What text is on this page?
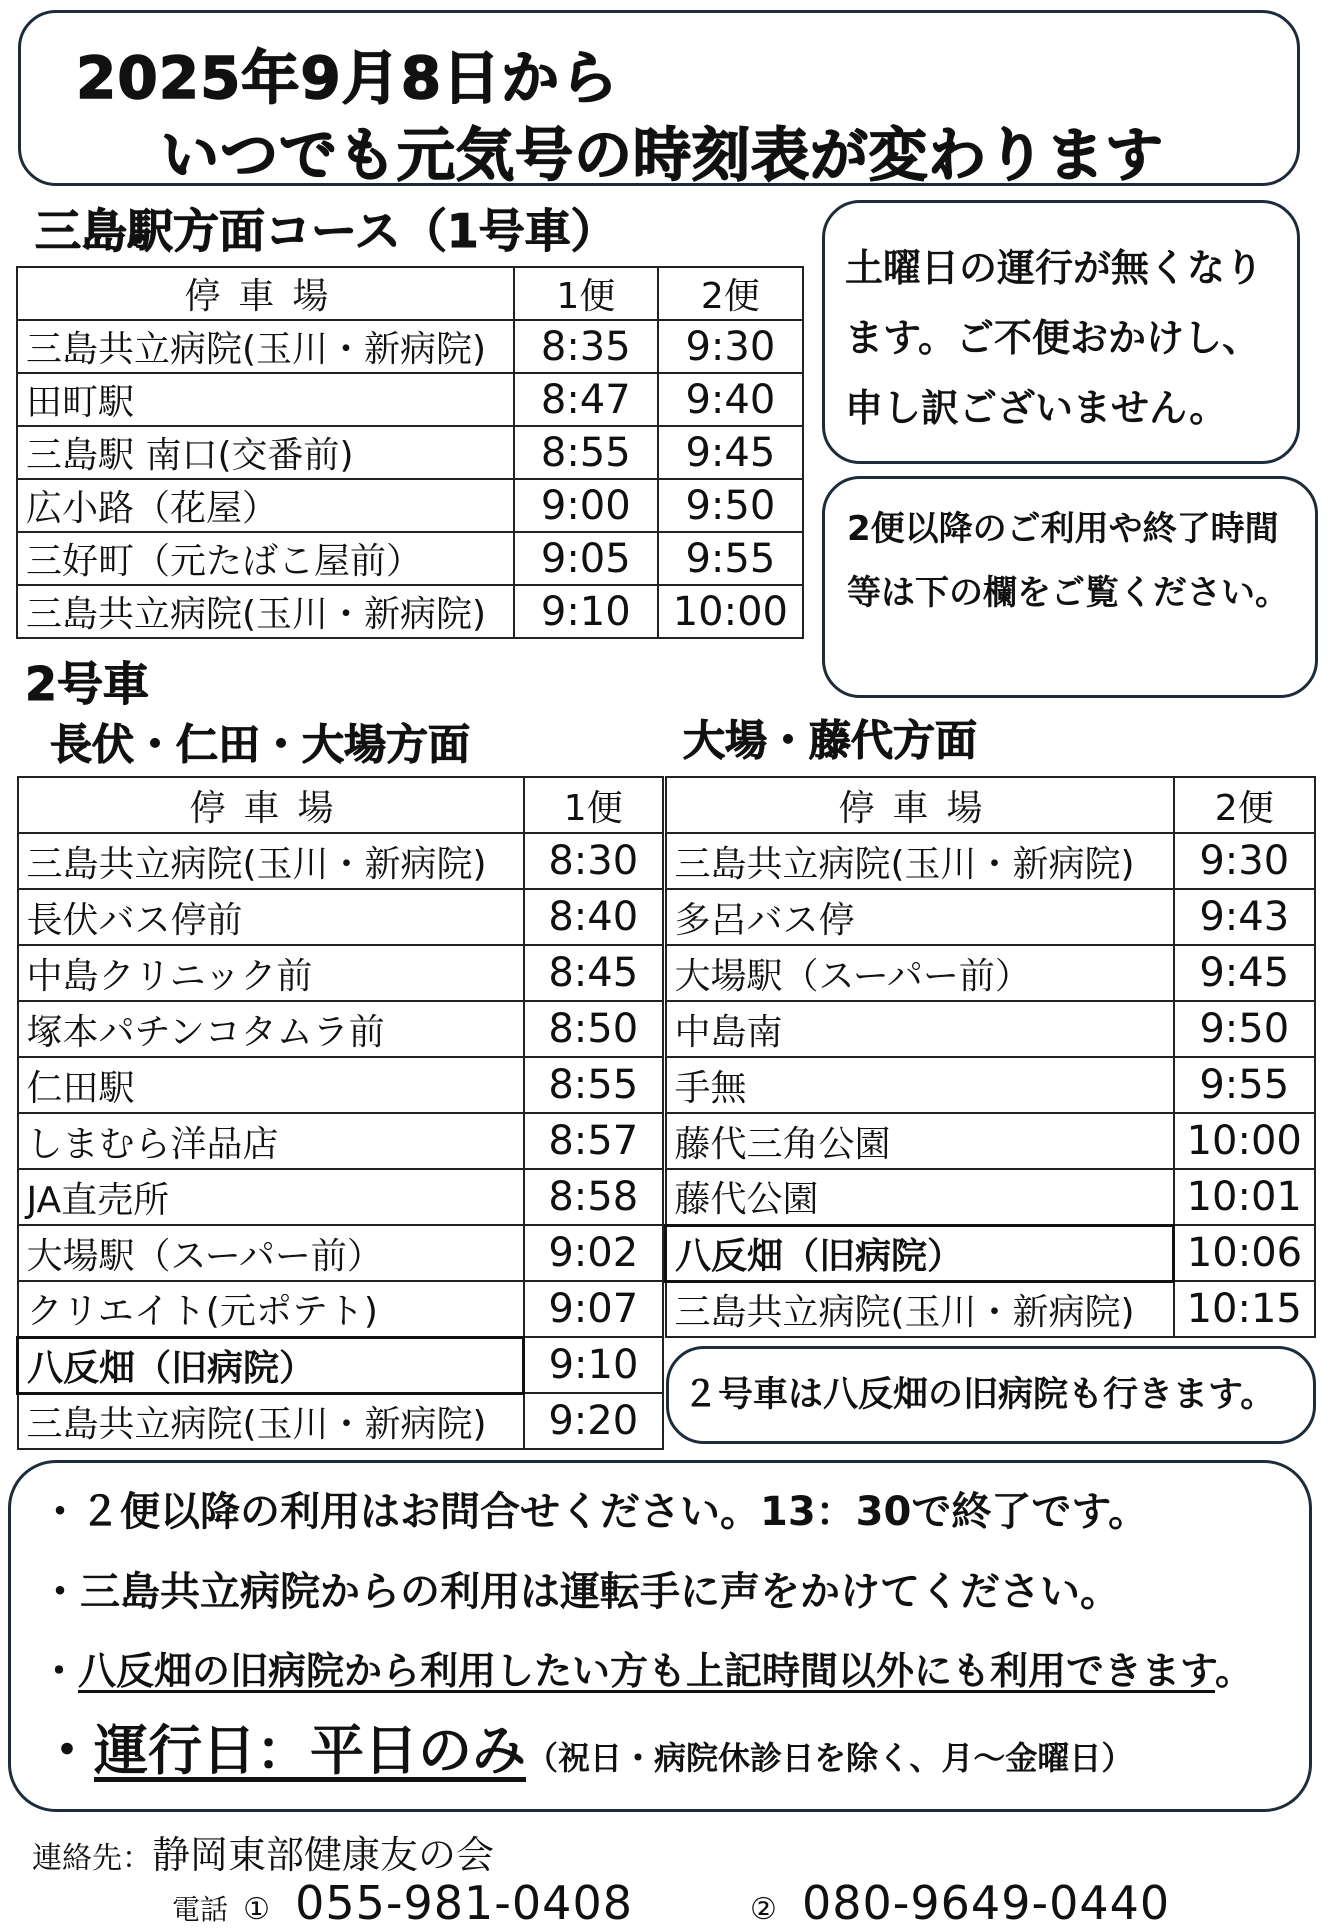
2025年9月8日から
いつでも元気号の時刻表が変わります
三島駅方面コース（1号車）
停車場	1便	2便
三島共立病院(玉川・新病院)	8:35	9:30
田町駅	8:47	9:40
三島駅 南口(交番前)	8:55	9:45
広小路（花屋）	9:00	9:50
三好町（元たばこ屋前）	9:05	9:55
三島共立病院(玉川・新病院)	9:10	10:00
土曜日の運行が無くなります。ご不便おかけし、申し訳ございません。
2便以降のご利用や終了時間等は下の欄をご覧ください。
2号車
長伏・仁田・大場方面	大場・藤代方面
停車場	1便
三島共立病院(玉川・新病院)	8:30
長伏バス停前	8:40
中島クリニック前	8:45
塚本パチンコタムラ前	8:50
仁田駅	8:55
しまむら洋品店	8:57
JA直売所	8:58
大場駅（スーパー前）	9:02
クリエイト(元ポテト)	9:07
八反畑（旧病院）	9:10
三島共立病院(玉川・新病院)	9:20
停車場	2便
三島共立病院(玉川・新病院)	9:30
多呂バス停	9:43
大場駅（スーパー前）	9:45
中島南	9:50
手無	9:55
藤代三角公園	10:00
藤代公園	10:01
八反畑（旧病院）	10:06
三島共立病院(玉川・新病院)	10:15
２号車は八反畑の旧病院も行きます。
・２便以降の利用はお問合せください。13：30で終了です。
・三島共立病院からの利用は運転手に声をかけてください。
・八反畑の旧病院から利用したい方も上記時間以外にも利用できます。
・運行日：平日のみ（祝日・病院休診日を除く、月～金曜日）
連絡先：静岡東部健康友の会
電話 ① 055-981-0408	② 080-9649-0440
